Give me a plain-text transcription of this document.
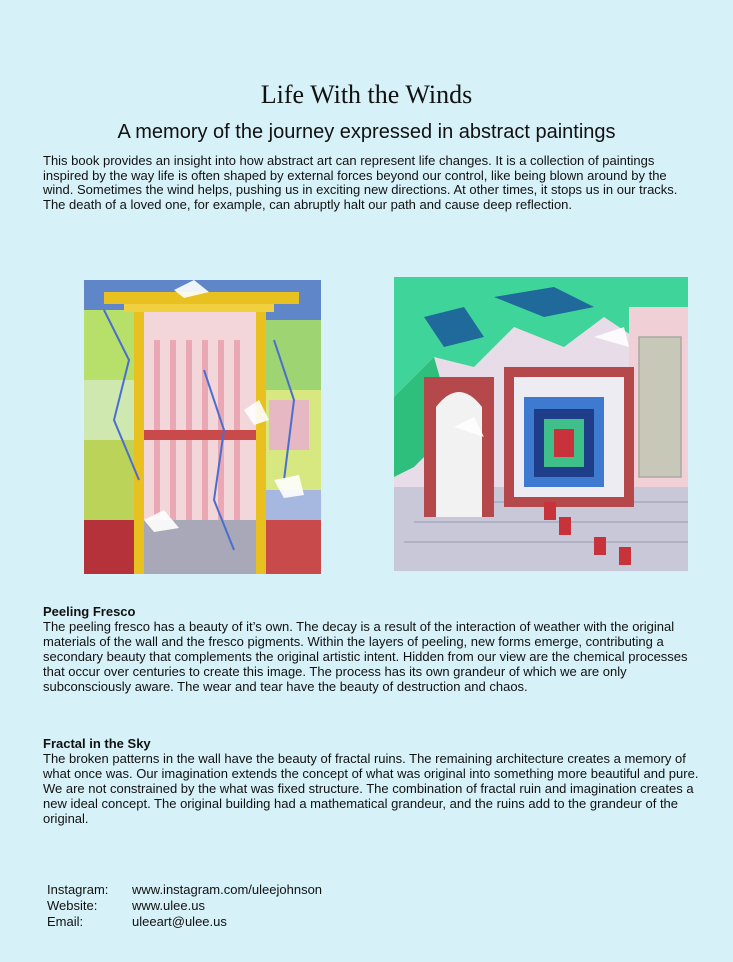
Life With the Winds
A memory of the journey expressed in abstract paintings
This book provides an insight into how abstract art can represent life changes. It is a collection of paintings inspired by the way life is often shaped by external forces beyond our control, like being blown around by the wind. Sometimes the wind helps, pushing us in exciting new directions. At other times, it stops us in our tracks. The death of a loved one, for example, can abruptly halt our path and cause deep reflection.
Peeling Fresco

The peeling fresco has a beauty of it’s own. The decay is a result of the interaction of weather with the original materials of the wall and the fresco pigments. Within the layers of peeling, new forms emerge, contributing a secondary beauty that complements the original artistic intent. Hidden from our view are the chemical processes that occur over centuries to create this image. The process has its own grandeur of which we are only subconsciously aware. The wear and tear have the beauty of destruction and chaos.

Fractal in the Sky

The broken patterns in the wall have the beauty of fractal ruins. The remaining architecture creates a memory of what once was. Our imagination extends the concept of what was original into something more beautiful and pure. We are not constrained by the what was fixed structure. The combination of fractal ruin and imagination creates a new ideal concept. The original building had a mathematical grandeur, and the ruins add to the grandeur of the original.

Instagram:	www.instagram.com/uleejohnson
Website:	www.ulee.us
Email:	uleeart@ulee.us
